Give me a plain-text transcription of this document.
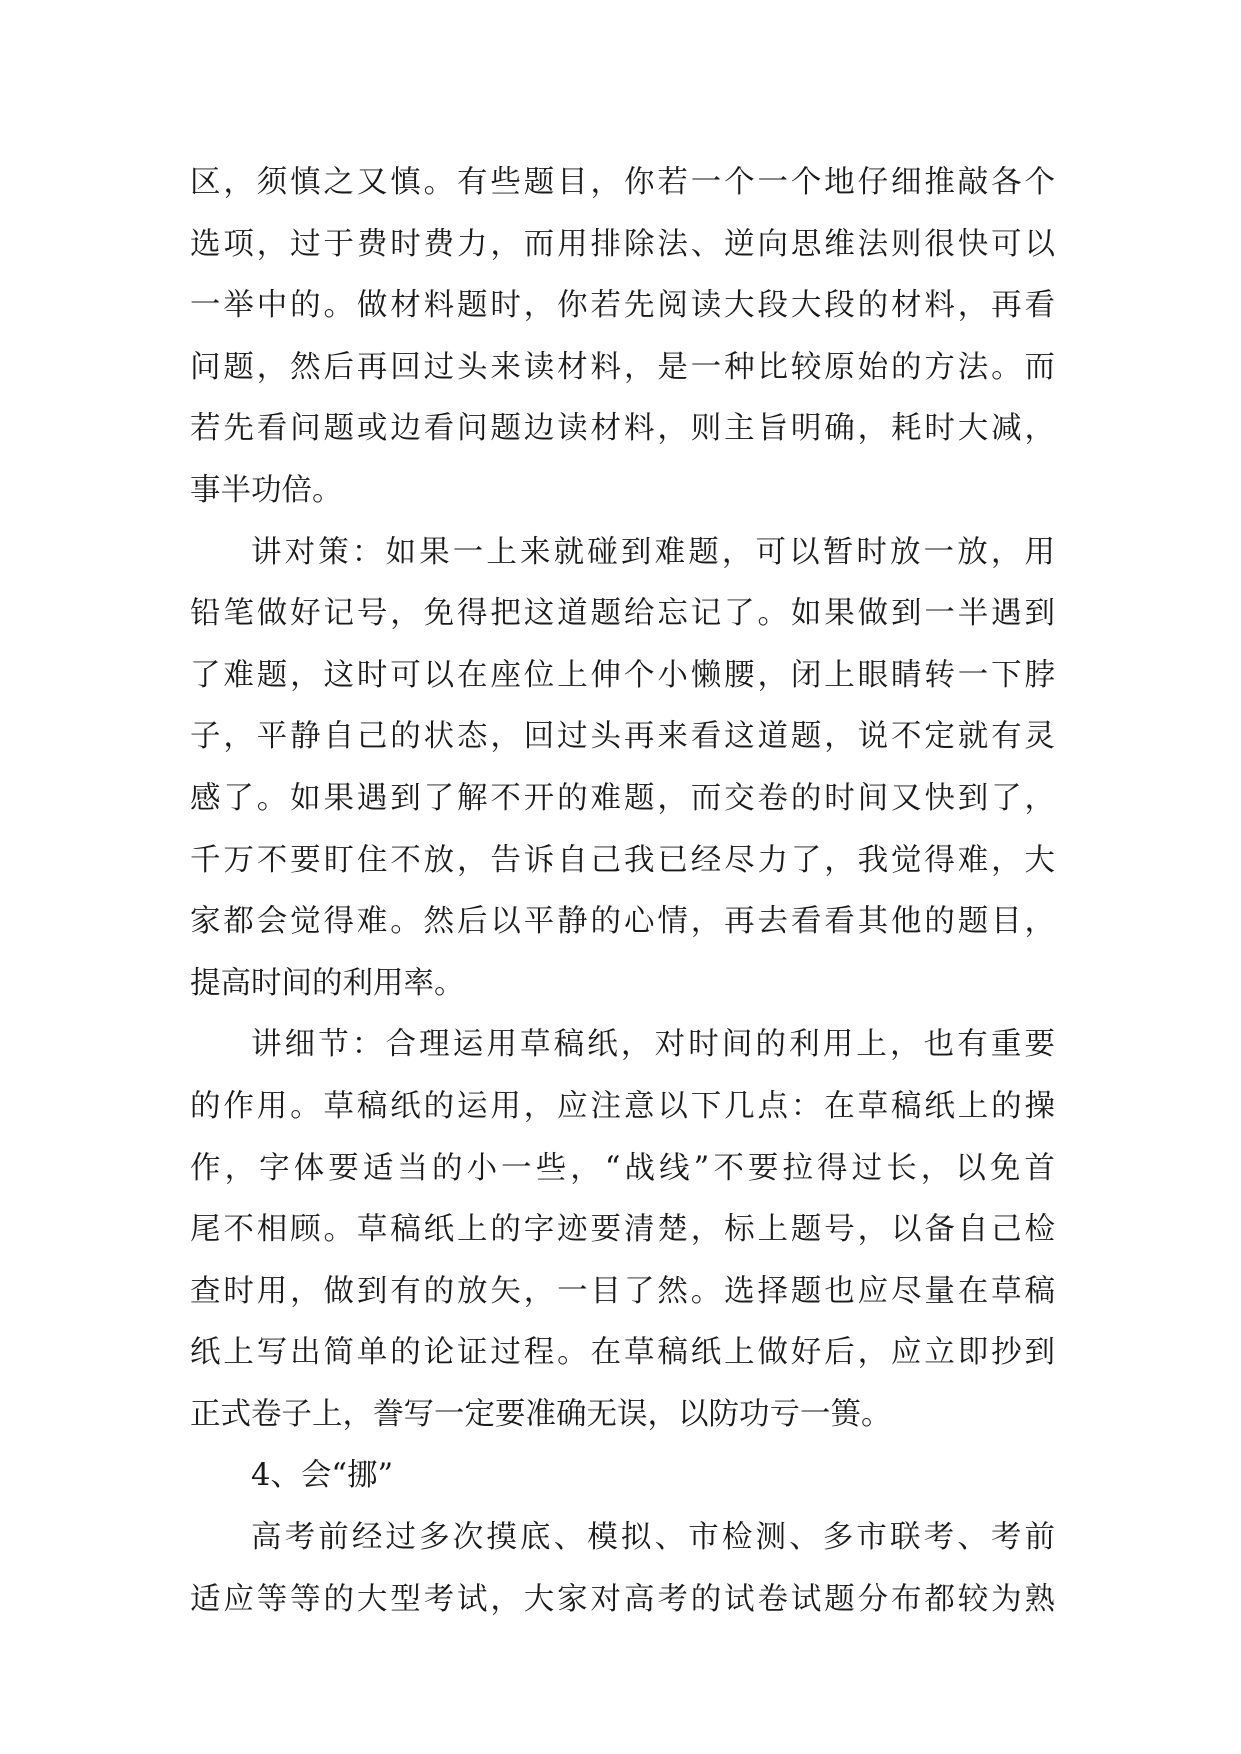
区，须慎之又慎。有些题目，你若一个一个地仔细推敲各个
选项，过于费时费力，而用排除法、逆向思维法则很快可以
一举中的。做材料题时，你若先阅读大段大段的材料，再看
问题，然后再回过头来读材料，是一种比较原始的方法。而
若先看问题或边看问题边读材料，则主旨明确，耗时大减，
事半功倍。
讲对策：如果一上来就碰到难题，可以暂时放一放，用
铅笔做好记号，免得把这道题给忘记了。如果做到一半遇到
了难题，这时可以在座位上伸个小懒腰，闭上眼睛转一下脖
子，平静自己的状态，回过头再来看这道题，说不定就有灵
感了。如果遇到了解不开的难题，而交卷的时间又快到了，
千万不要盯住不放，告诉自己我已经尽力了，我觉得难，大
家都会觉得难。然后以平静的心情，再去看看其他的题目，
提高时间的利用率。
讲细节：合理运用草稿纸，对时间的利用上，也有重要
的作用。草稿纸的运用，应注意以下几点：在草稿纸上的操
作，字体要适当的小一些，“战线”不要拉得过长，以免首
尾不相顾。草稿纸上的字迹要清楚，标上题号，以备自己检
查时用，做到有的放矢，一目了然。选择题也应尽量在草稿
纸上写出简单的论证过程。在草稿纸上做好后，应立即抄到
正式卷子上，誊写一定要准确无误，以防功亏一篑。
4、会“挪”
高考前经过多次摸底、模拟、市检测、多市联考、考前
适应等等的大型考试，大家对高考的试卷试题分布都较为熟
